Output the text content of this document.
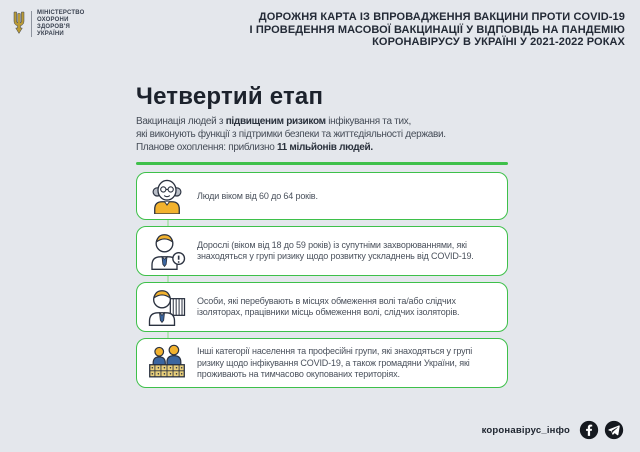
МІНІСТЕРСТВО
ОХОРОНИ
ЗДОРОВ'Я
УКРАЇНИ
ДОРОЖНЯ КАРТА ІЗ ВПРОВАДЖЕННЯ ВАКЦИНИ ПРОТИ COVID-19
І ПРОВЕДЕННЯ МАСОВОЇ ВАКЦИНАЦІЇ У ВІДПОВІДЬ НА ПАНДЕМІЮ
КОРОНАВІРУСУ В УКРАЇНІ У 2021-2022 РОКАХ
Четвертий етап

Вакцинація людей з підвищеним ризиком інфікування та тих,
які виконують функції з підтримки безпеки та життєдіяльності держави.
Планове охоплення: приблизно 11 мільйонів людей.

Люди віком від 60 до 64 років.
Дорослі (віком від 18 до 59 років) із супутніми захворюваннями, які знаходяться у групі ризику щодо розвитку ускладнень від COVID-19.
Особи, які перебувають в місцях обмеження волі та/або слідчих ізоляторах, працівники місць обмеження волі, слідчих ізоляторів.
Інші категорії населення та професійні групи, які знаходяться у групі ризику щодо інфікування COVID-19, а також громадяни України, які проживають на тимчасово окупованих територіях.
коронавірус_інфо
